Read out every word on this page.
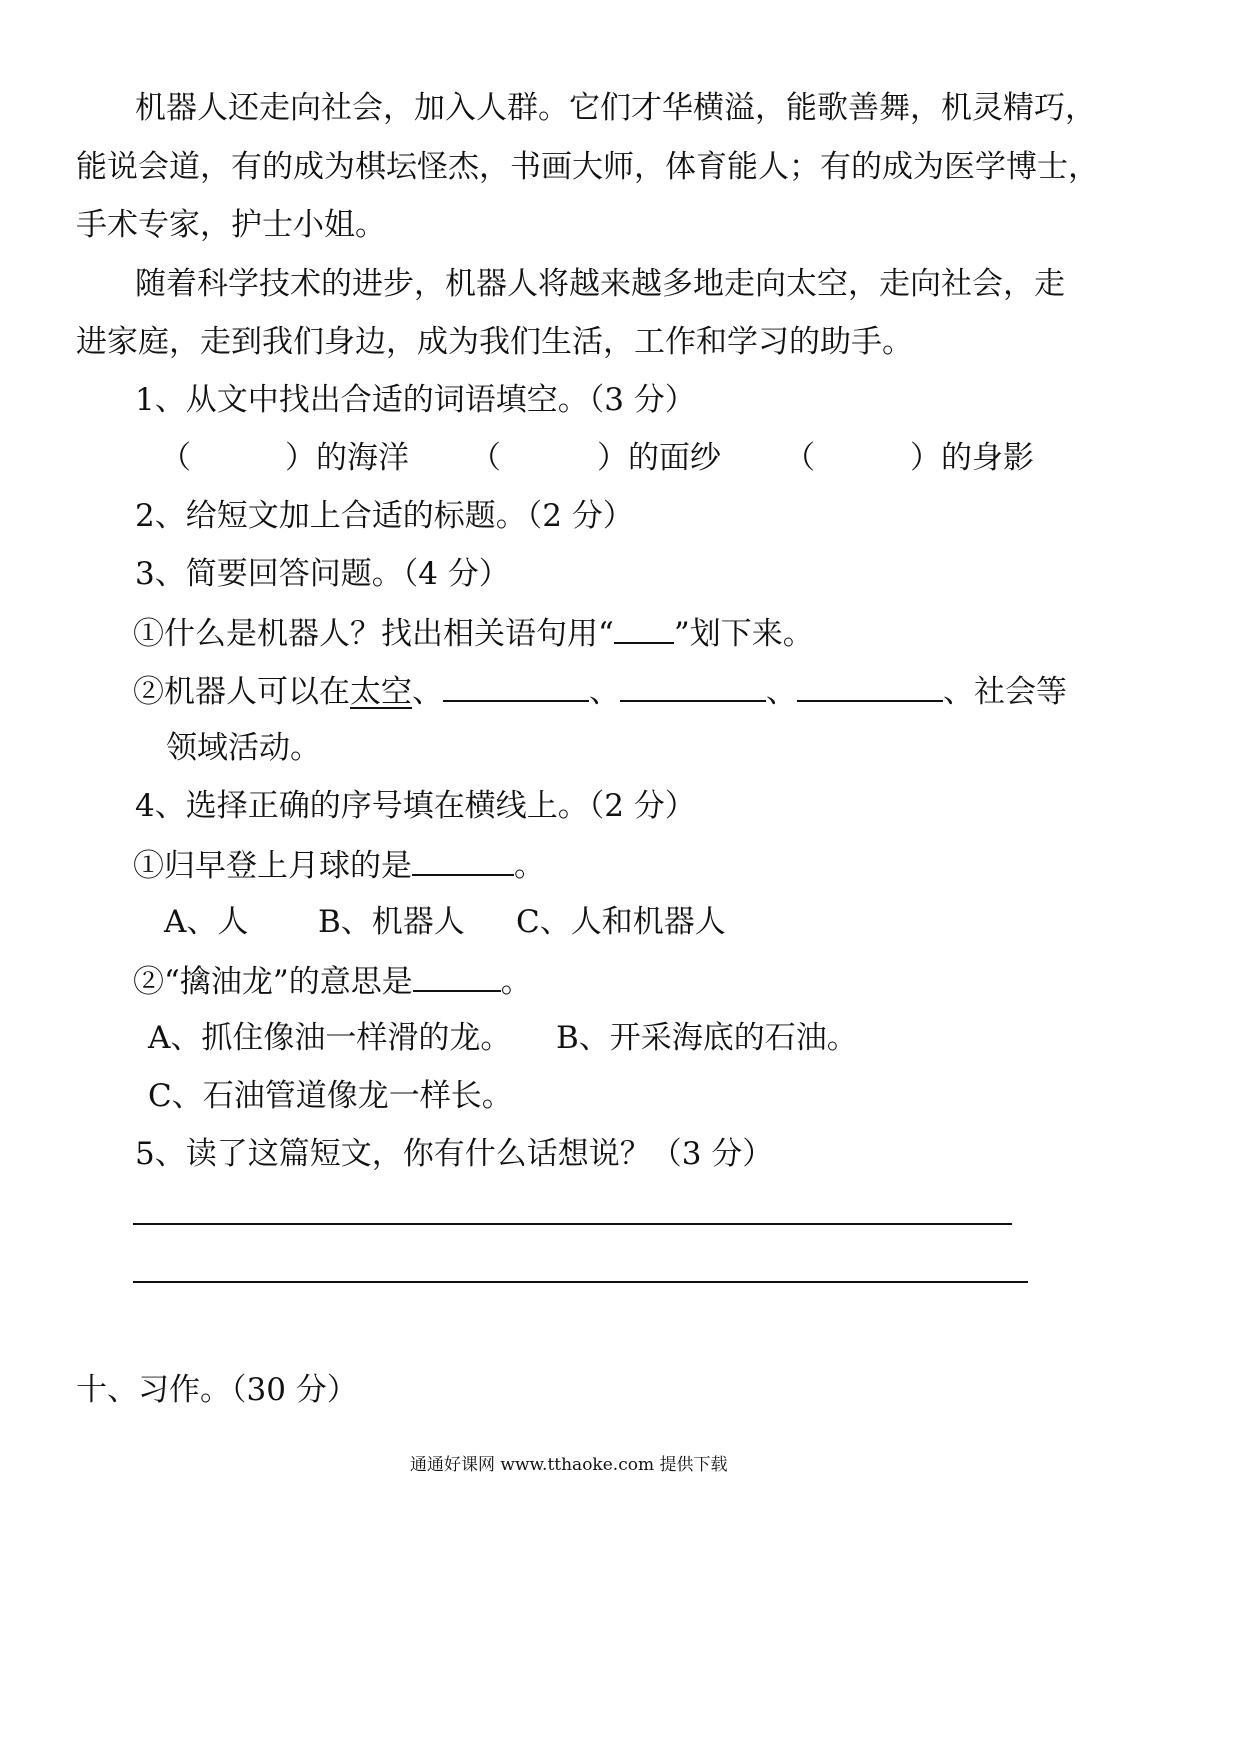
机器人还走向社会，加入人群。它们才华横溢，能歌善舞，机灵精巧，
能说会道，有的成为棋坛怪杰，书画大师，体育能人；有的成为医学博士，
手术专家，护士小姐。
随着科学技术的进步，机器人将越来越多地走向太空，走向社会，走
进家庭，走到我们身边，成为我们生活，工作和学习的助手。
1、从文中找出合适的词语填空。（3 分）
（	）的海洋 （	）的面纱 （	）的身影
2、给短文加上合适的标题。（2 分）
3、简要回答问题。（4 分）
①什么是机器人？找出相关语句用“ ”划下来。
②机器人可以在太空、	、	、	、社会等
领域活动。
4、选择正确的序号填在横线上。（2 分）
①归早登上月球的是	。
A、人 B、机器人 C、人和机器人
②“擒油龙”的意思是	。
A、抓住像油一样滑的龙。 B、开采海底的石油。
C、石油管道像龙一样长。
5、读了这篇短文，你有什么话想说？（3 分）
十、习作。（30 分）
通通好课网 www.tthaoke.com 提供下载
